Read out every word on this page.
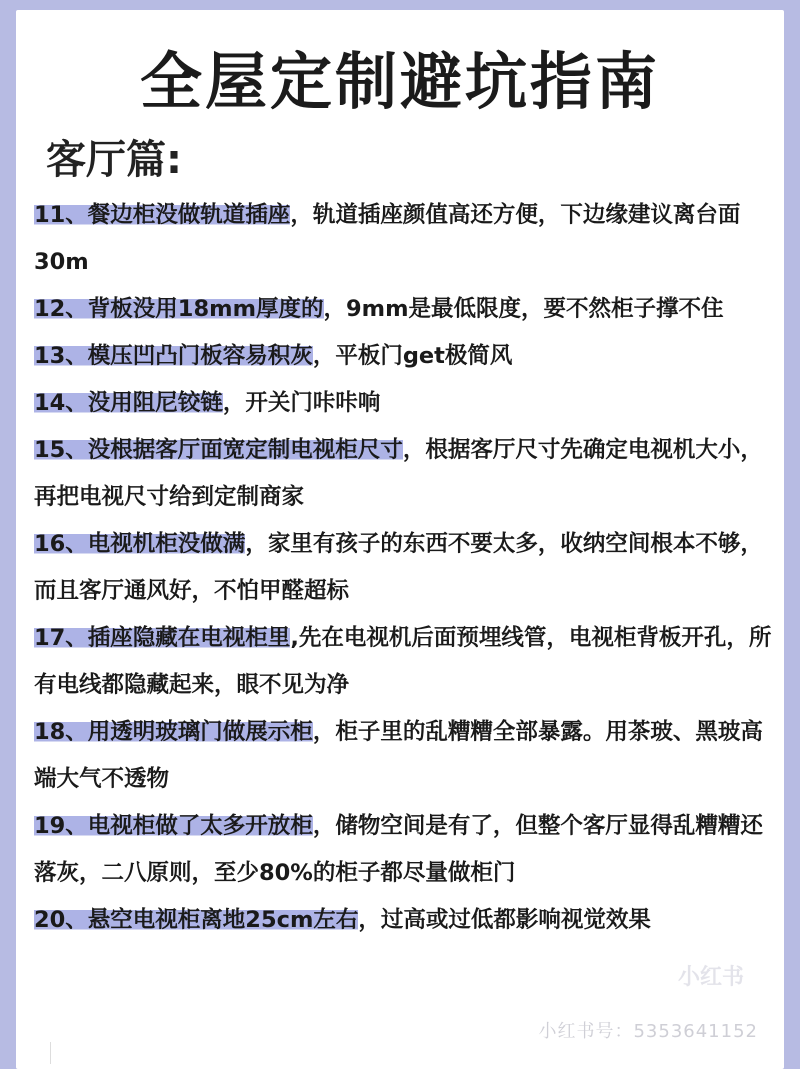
全屋定制避坑指南
客厅篇:

11、餐边柜没做轨道插座，轨道插座颜值高还方便，下边缘建议离台面30m

12、背板没用18mm厚度的，9mm是最低限度，要不然柜子撑不住

13、模压凹凸门板容易积灰，平板门get极简风

14、没用阻尼铰链，开关门咔咔响

15、没根据客厅面宽定制电视柜尺寸，根据客厅尺寸先确定电视机大小，再把电视尺寸给到定制商家

16、电视机柜没做满，家里有孩子的东西不要太多，收纳空间根本不够，而且客厅通风好，不怕甲醛超标

17、插座隐藏在电视柜里,先在电视机后面预埋线管，电视柜背板开孔，所有电线都隐藏起来，眼不见为净

18、用透明玻璃门做展示柜，柜子里的乱糟糟全部暴露。用茶玻、黑玻高端大气不透物

19、电视柜做了太多开放柜，储物空间是有了，但整个客厅显得乱糟糟还落灰，二八原则，至少80%的柜子都尽量做柜门

20、悬空电视柜离地25cm左右，过高或过低都影响视觉效果

小红书
小红书号：5353641152
